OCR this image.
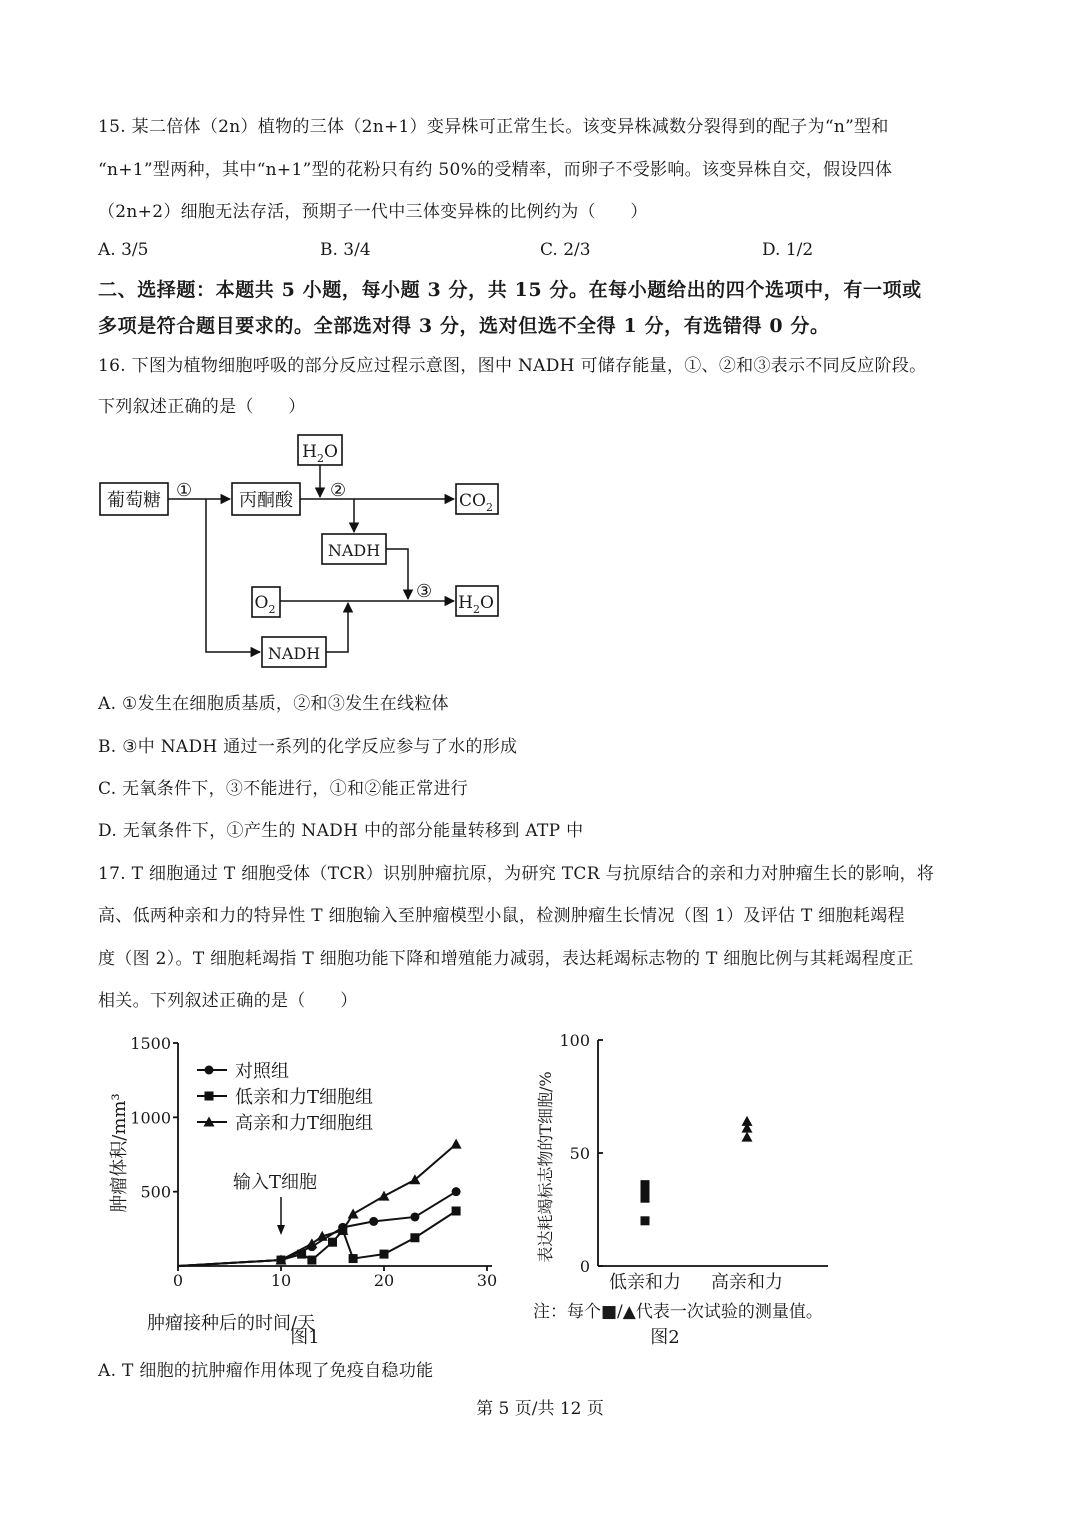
15. 某二倍体（2n）植物的三体（2n+1）变异株可正常生长。该变异株减数分裂得到的配子为“n”型和
“n+1”型两种，其中“n+1”型的花粉只有约 50%的受精率，而卵子不受影响。该变异株自交，假设四体
（2n+2）细胞无法存活，预期子一代中三体变异株的比例约为（　　）
A. 3/5	B. 3/4	C. 2/3	D. 1/2
二、选择题：本题共 5 小题，每小题 3 分，共 15 分。在每小题给出的四个选项中，有一项或
多项是符合题目要求的。全部选对得 3 分，选对但选不全得 1 分，有选错得 0 分。
16. 下图为植物细胞呼吸的部分反应过程示意图，图中 NADH 可储存能量，①、②和③表示不同反应阶段。
下列叙述正确的是（　　）
葡萄糖	丙酮酸
$H_2O$
$CO_2$
NADH
$O_2$	$H_2O$
NADH
①	②
③
A. ①发生在细胞质基质，②和③发生在线粒体
B. ③中 NADH 通过一系列的化学反应参与了水的形成
C. 无氧条件下，③不能进行，①和②能正常进行
D. 无氧条件下，①产生的 NADH 中的部分能量转移到 ATP 中
17. T 细胞通过 T 细胞受体（TCR）识别肿瘤抗原，为研究 TCR 与抗原结合的亲和力对肿瘤生长的影响，将
高、低两种亲和力的特异性 T 细胞输入至肿瘤模型小鼠，检测肿瘤生长情况（图 1）及评估 T 细胞耗竭程
度（图 2）。T 细胞耗竭指 T 细胞功能下降和增殖能力减弱，表达耗竭标志物的 T 细胞比例与其耗竭程度正
相关。下列叙述正确的是（　　）
肿瘤接种后的时间/天
图1
肿瘤体积/mm³	输入T细胞
0	10	20	30
500
1000
1500
对照组
低亲和力T细胞组
高亲和力T细胞组	表达耗竭标志物的T细胞/%
注：每个■/▲代表一次试验的测量值。
图2
0
50
100
低亲和力 高亲和力
A. T 细胞的抗肿瘤作用体现了免疫自稳功能
第 5 页/共 12 页
